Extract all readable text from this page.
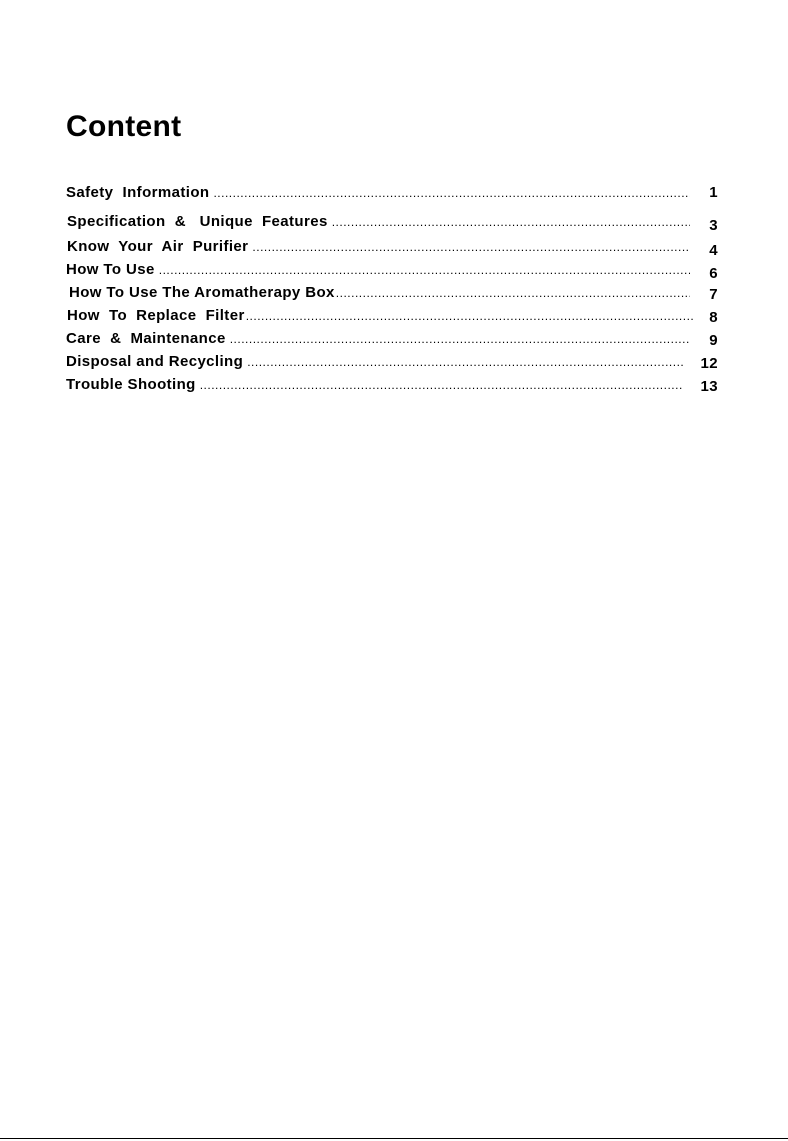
Content
Safety  Information .....	1
Specification  &   Unique  Features .....	3
Know  Your  Air  Purifier .....	4
How To Use .....	6
How To Use The Aromatherapy Box .....	7
How  To  Replace  Filter .....	8
Care  &  Maintenance .....	9
Disposal and Recycling .....	12
Trouble Shooting .....	13
